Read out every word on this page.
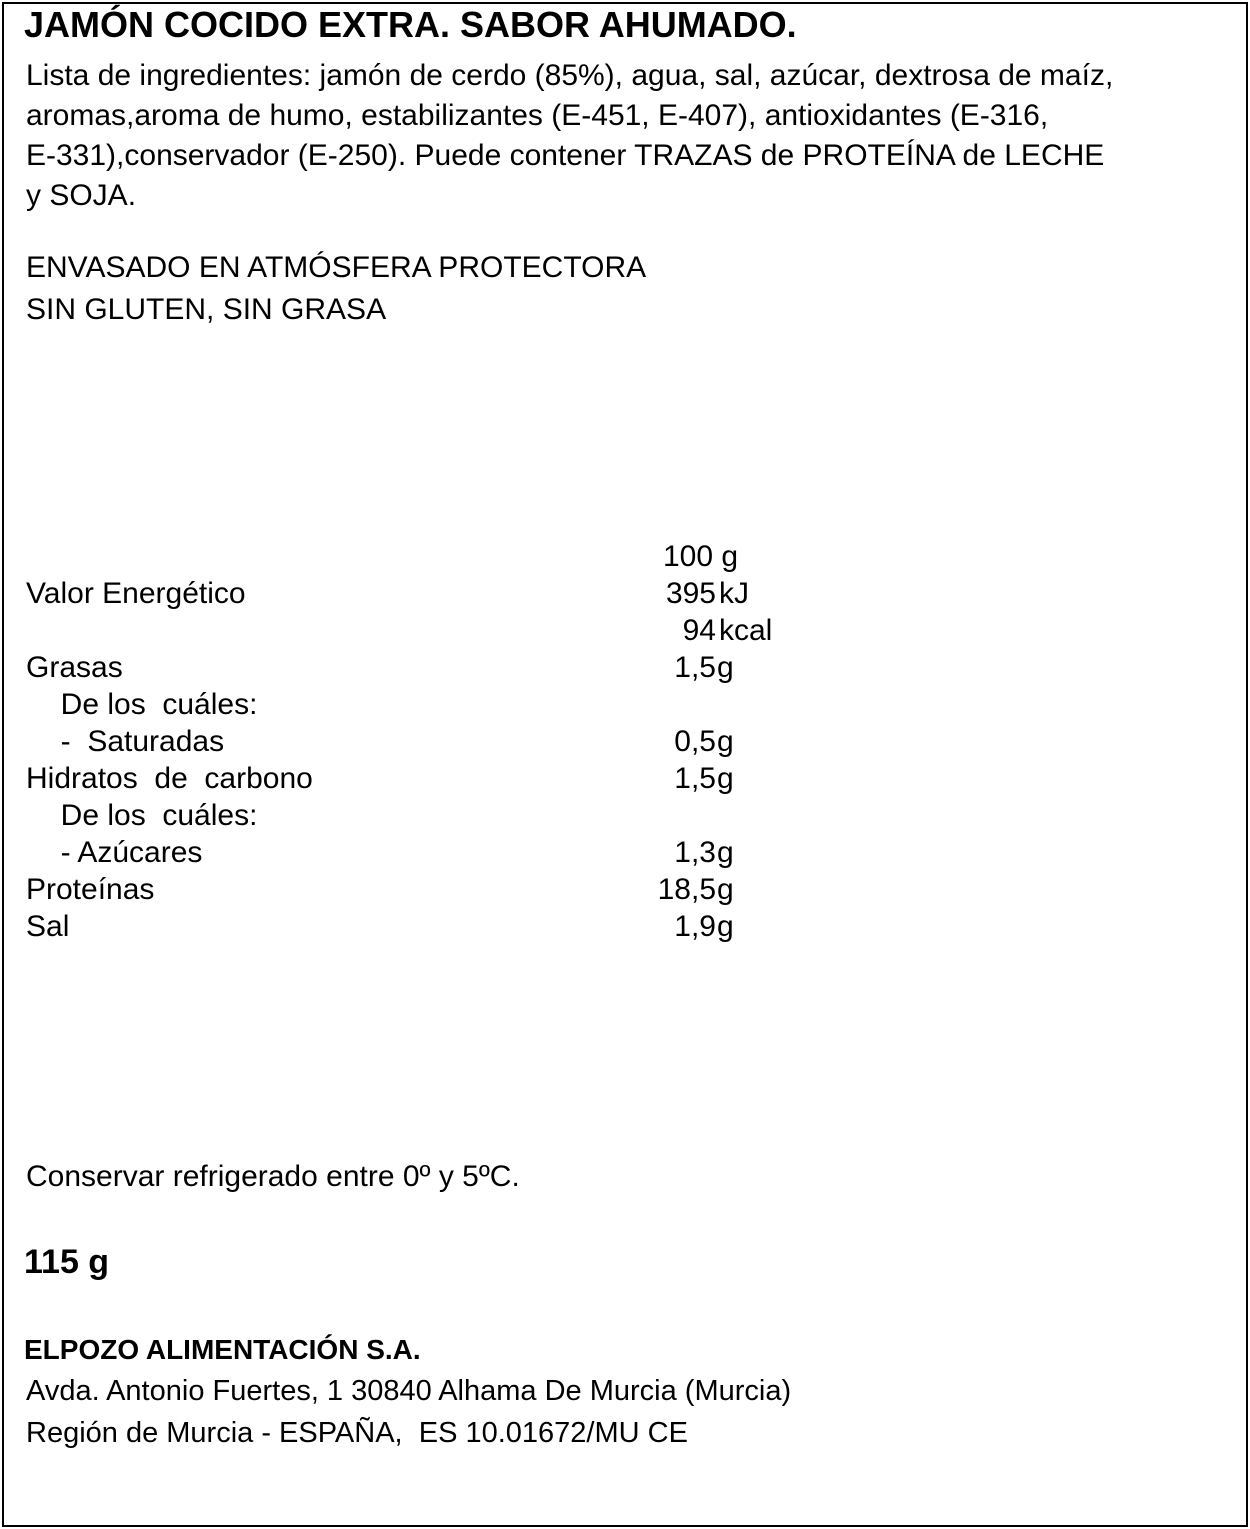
JAMÓN COCIDO EXTRA. SABOR AHUMADO.
Lista de ingredientes: jamón de cerdo (85%), agua, sal, azúcar, dextrosa de maíz,
aromas,aroma de humo, estabilizantes (E-451, E-407), antioxidantes (E-316,
E-331),conservador (E-250). Puede contener TRAZAS de PROTEÍNA de LECHE
y SOJA.
ENVASADO EN ATMÓSFERA PROTECTORA
SIN GLUTEN, SIN GRASA
100 g
Valor Energético	395 kJ
94 kcal
Grasas	1,5 g
De los  cuáles:
-  Saturadas	0,5 g
Hidratos  de  carbono	1,5 g
De los  cuáles:
- Azúcares	1,3 g
Proteínas	18,5 g
Sal	1,9 g
Conservar refrigerado entre 0º y 5ºC.
115 g
ELPOZO ALIMENTACIÓN S.A.
Avda. Antonio Fuertes, 1 30840 Alhama De Murcia (Murcia)
Región de Murcia - ESPAÑA,  ES 10.01672/MU CE
